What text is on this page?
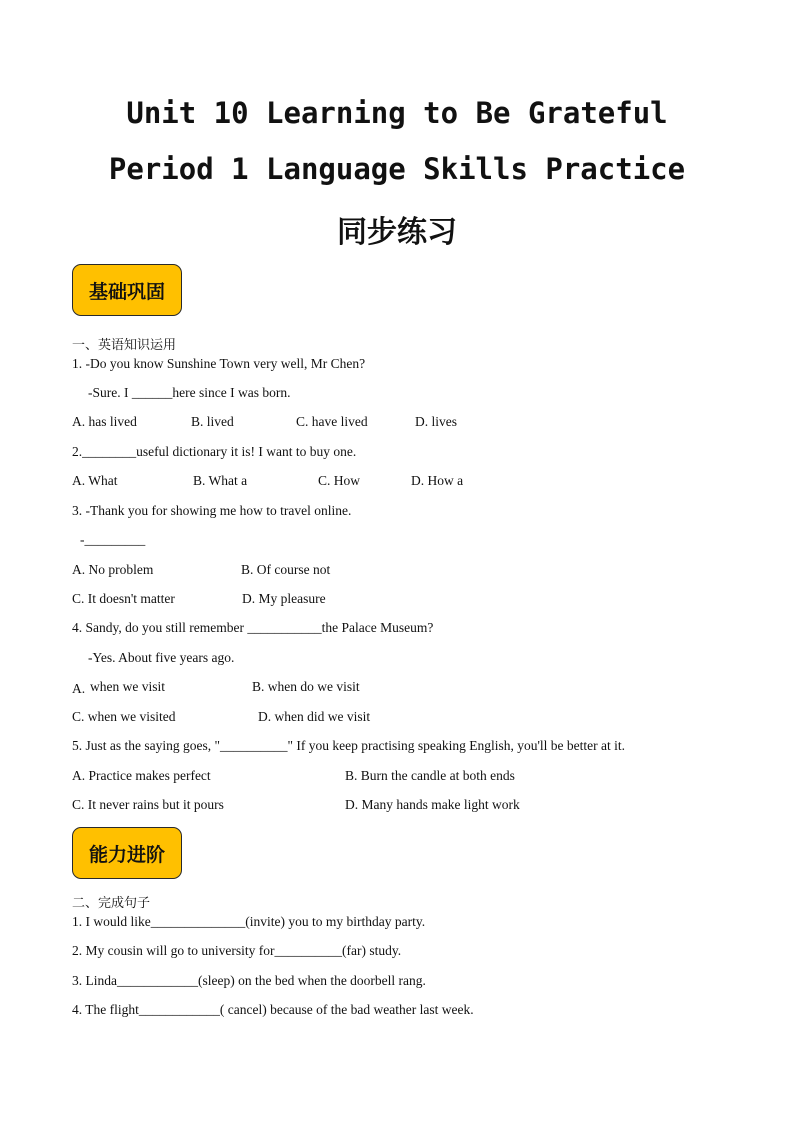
Unit 10 Learning to Be Grateful
Period 1 Language Skills Practice
同步练习
基础巩固
一、英语知识运用
1. -Do you know Sunshine Town very well, Mr Chen?
-Sure. I ______here since I was born.
A. has lived	B. lived	C. have lived	D. lives
2.________useful dictionary it is! I want to buy one.
A. What	B. What a	C. How	D. How a
3. -Thank you for showing me how to travel online.
-_________
A. No problem	B. Of course not
C. It doesn't matter	D. My pleasure
4. Sandy, do you still remember ___________the Palace Museum?
-Yes. About five years ago.
A. when we visit	B. when do we visit
C. when we visited	D. when did we visit
5. Just as the saying goes, "__________" If you keep practising speaking English, you'll be better at it.
A. Practice makes perfect	B. Burn the candle at both ends
C. It never rains but it pours	D. Many hands make light work
能力进阶
二、完成句子
1. I would like______________(invite) you to my birthday party.
2. My cousin will go to university for__________(far) study.
3. Linda____________(sleep) on the bed when the doorbell rang.
4. The flight____________( cancel) because of the bad weather last week.
